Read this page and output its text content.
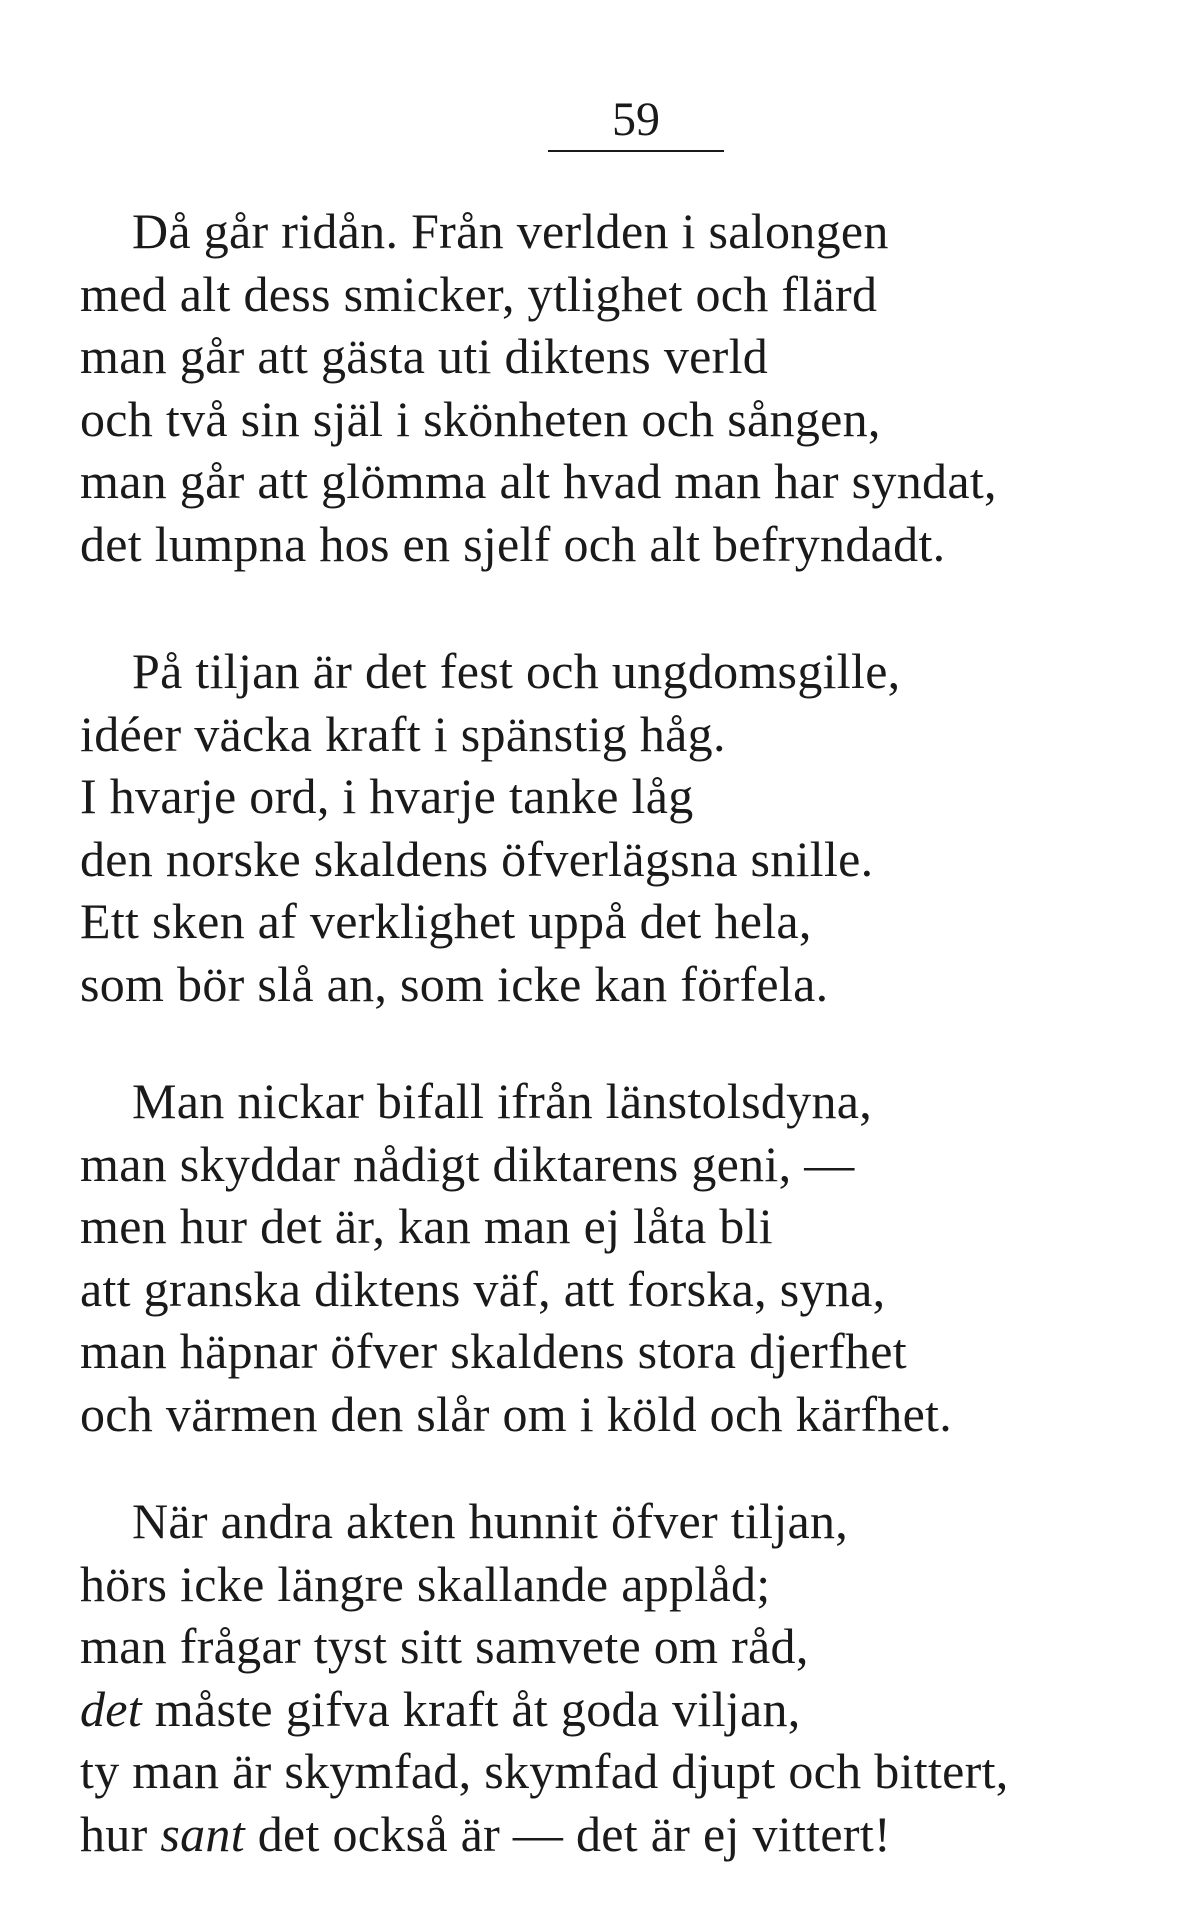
59
Då går ridån. Från verlden i salongen
med alt dess smicker, ytlighet och flärd
man går att gästa uti diktens verld
och två sin själ i skönheten och sången,
man går att glömma alt hvad man har syndat,
det lumpna hos en sjelf och alt befryndadt.
På tiljan är det fest och ungdomsgille,
idéer väcka kraft i spänstig håg.
I hvarje ord, i hvarje tanke låg
den norske skaldens öfverlägsna snille.
Ett sken af verklighet uppå det hela,
som bör slå an, som icke kan förfela.
Man nickar bifall ifrån länstolsdyna,
man skyddar nådigt diktarens geni, —
men hur det är, kan man ej låta bli
att granska diktens väf, att forska, syna,
man häpnar öfver skaldens stora djerfhet
och värmen den slår om i köld och kärfhet.
När andra akten hunnit öfver tiljan,
hörs icke längre skallande applåd;
man frågar tyst sitt samvete om råd,
det måste gifva kraft åt goda viljan,
ty man är skymfad, skymfad djupt och bittert,
hur sant det också är — det är ej vittert!
